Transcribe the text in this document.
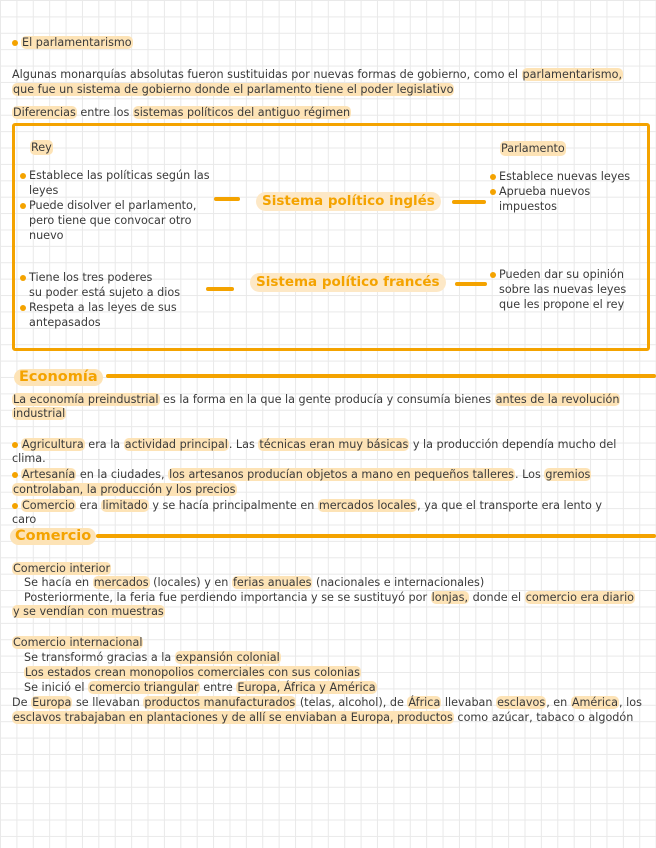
El parlamentarismo
Algunas monarquías absolutas fueron sustituidas por nuevas formas de gobierno, como el parlamentarismo,
que fue un sistema de gobierno donde el parlamento tiene el poder legislativo
Diferencias entre los sistemas políticos del antiguo régimen
Rey	Parlamento
Establece las políticas según las
leyes
Puede disolver el parlamento,
pero tiene que convocar otro
nuevo
Sistema político inglés
Establece nuevas leyes
Aprueba nuevos
impuestos
Tiene los tres poderes
su poder está sujeto a dios
Respeta a las leyes de sus
antepasados
Sistema político francés	Pueden dar su opinión
sobre las nuevas leyes
que les propone el rey
Economía
La economía preindustrial es la forma en la que la gente producía y consumía bienes antes de la revolución
industrial
Agricultura era la actividad principal. Las técnicas eran muy básicas y la producción dependía mucho del
clima.
Artesanía en la ciudades, los artesanos producían objetos a mano en pequeños talleres. Los gremios
controlaban, la producción y los precios
Comercio era limitado y se hacía principalmente en mercados locales, ya que el transporte era lento y
caro
Comercio
Comercio interior
Se hacía en mercados (locales) y en ferias anuales (nacionales e internacionales)
Posteriormente, la feria fue perdiendo importancia y se se sustituyó por lonjas, donde el comercio era diario
y se vendían con muestras
Comercio internacional
Se transformó gracias a la expansión colonial
Los estados crean monopolios comerciales con sus colonias
Se inició el comercio triangular entre Europa, África y América
De Europa se llevaban productos manufacturados (telas, alcohol), de África llevaban esclavos, en América, los
esclavos trabajaban en plantaciones y de allí se enviaban a Europa, productos como azúcar, tabaco o algodón
